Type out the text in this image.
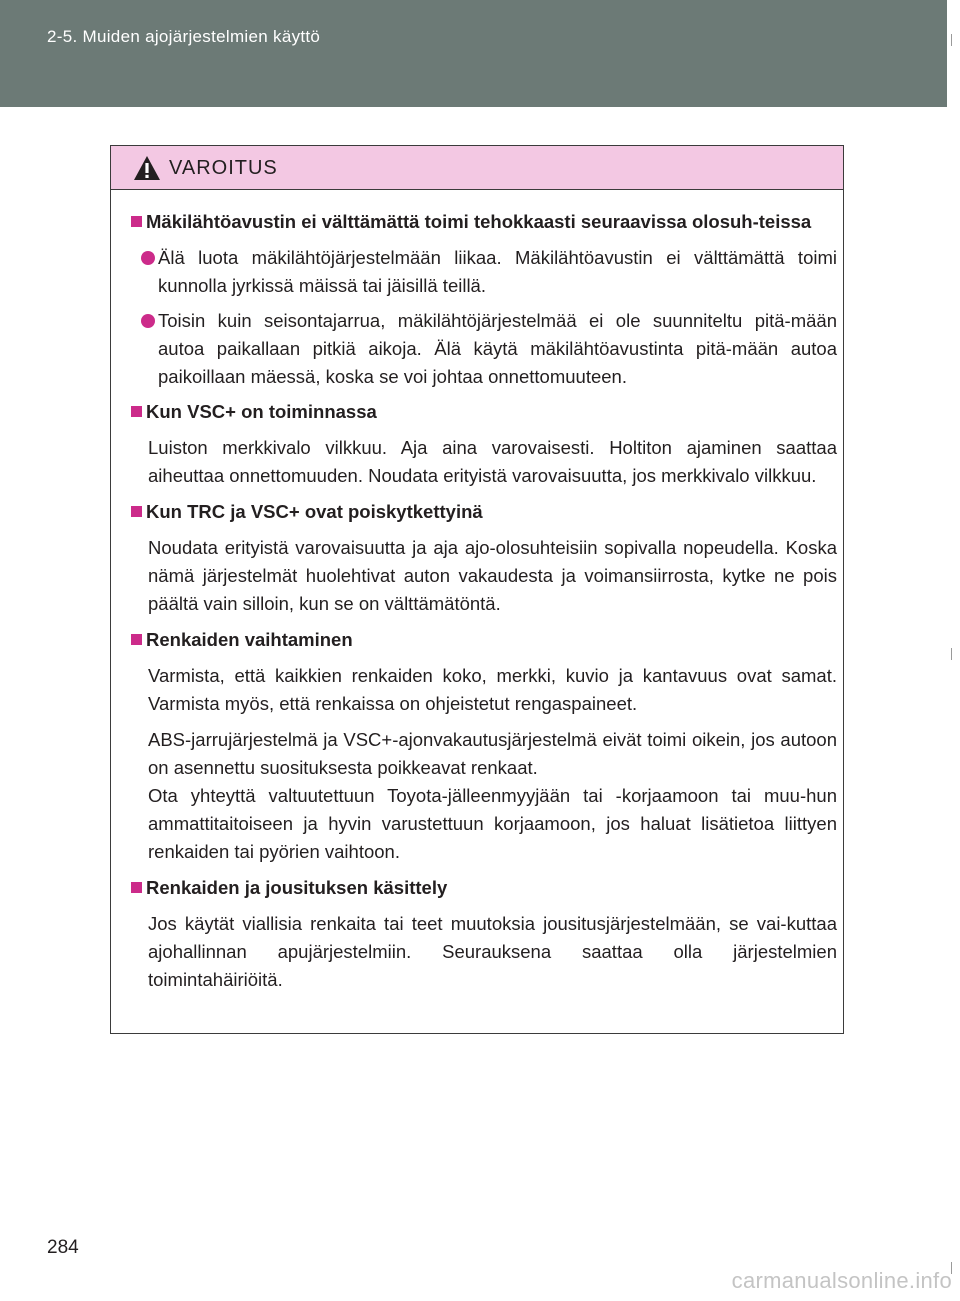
2-5. Muiden ajojärjestelmien käyttö
VAROITUS
Mäkilähtöavustin ei välttämättä toimi tehokkaasti seuraavissa olosuh-teissa
Älä luota mäkilähtöjärjestelmään liikaa. Mäkilähtöavustin ei välttämättä toimi kunnolla jyrkissä mäissä tai jäisillä teillä.
Toisin kuin seisontajarrua, mäkilähtöjärjestelmää ei ole suunniteltu pitä-mään autoa paikallaan pitkiä aikoja. Älä käytä mäkilähtöavustinta pitä-mään autoa paikoillaan mäessä, koska se voi johtaa onnettomuuteen.
Kun VSC+ on toiminnassa
Luiston merkkivalo vilkkuu. Aja aina varovaisesti. Holtiton ajaminen saattaa aiheuttaa onnettomuuden. Noudata erityistä varovaisuutta, jos merkkivalo vilkkuu.
Kun TRC ja VSC+ ovat poiskytkettyinä
Noudata erityistä varovaisuutta ja aja ajo-olosuhteisiin sopivalla nopeudella. Koska nämä järjestelmät huolehtivat auton vakaudesta ja voimansiirrosta, kytke ne pois päältä vain silloin, kun se on välttämätöntä.
Renkaiden vaihtaminen
Varmista, että kaikkien renkaiden koko, merkki, kuvio ja kantavuus ovat samat. Varmista myös, että renkaissa on ohjeistetut rengaspaineet.
ABS-jarrujärjestelmä ja VSC+-ajonvakautusjärjestelmä eivät toimi oikein, jos autoon on asennettu suosituksesta poikkeavat renkaat.
Ota yhteyttä valtuutettuun Toyota-jälleenmyyjään tai -korjaamoon tai muu-hun ammattitaitoiseen ja hyvin varustettuun korjaamoon, jos haluat lisätietoa liittyen renkaiden tai pyörien vaihtoon.
Renkaiden ja jousituksen käsittely
Jos käytät viallisia renkaita tai teet muutoksia jousitusjärjestelmään, se vai-kuttaa ajohallinnan apujärjestelmiin. Seurauksena saattaa olla järjestelmien toimintahäiriöitä.
284
carmanualsonline.info
